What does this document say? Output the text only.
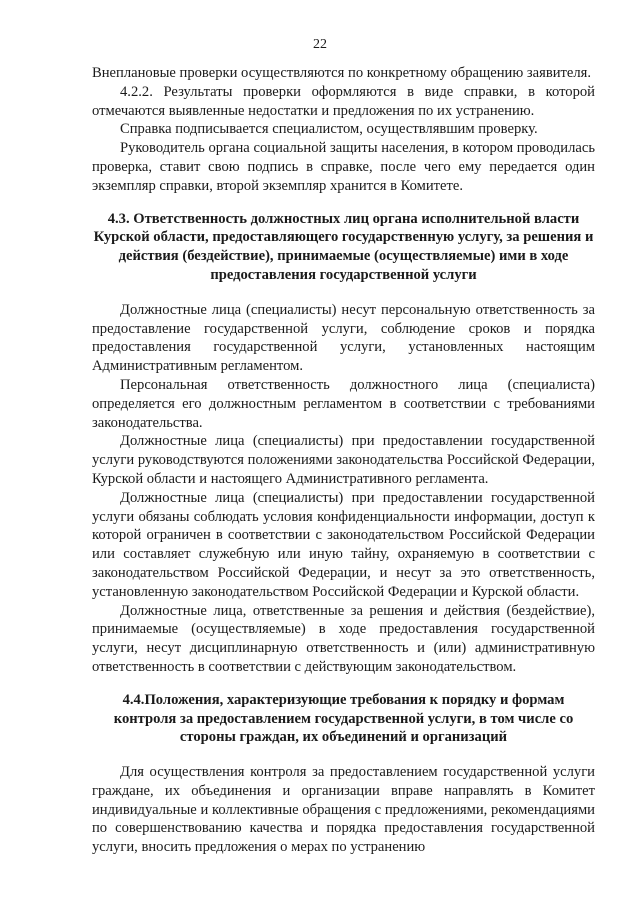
22

Внеплановые проверки осуществляются по конкретному обращению заявителя.

4.2.2. Результаты проверки оформляются в виде справки, в которой отмечаются выявленные недостатки и предложения по их устранению.

Справка подписывается специалистом, осуществлявшим проверку.

Руководитель органа социальной защиты населения, в котором проводилась проверка, ставит свою подпись в справке, после чего ему передается один экземпляр справки, второй экземпляр хранится в Комитете.

4.3. Ответственность должностных лиц органа исполнительной власти Курской области, предоставляющего государственную услугу, за решения и действия (бездействие), принимаемые (осуществляемые) ими в ходе предоставления государственной услуги

Должностные лица (специалисты) несут персональную ответственность за предоставление государственной услуги, соблюдение сроков и порядка предоставления государственной услуги, установленных настоящим Административным регламентом.

Персональная ответственность должностного лица (специалиста) определяется его должностным регламентом в соответствии с требованиями законодательства.

Должностные лица (специалисты) при предоставлении государственной услуги руководствуются положениями законодательства Российской Федерации, Курской области и настоящего Административного регламента.

Должностные лица (специалисты) при предоставлении государственной услуги обязаны соблюдать условия конфиденциальности информации, доступ к которой ограничен в соответствии с законодательством Российской Федерации или составляет служебную или иную тайну, охраняемую в соответствии с законодательством Российской Федерации, и несут за это ответственность, установленную законодательством Российской Федерации и Курской области.

Должностные лица, ответственные за решения и действия (бездействие), принимаемые (осуществляемые) в ходе предоставления государственной услуги, несут дисциплинарную ответственность и (или) административную ответственность в соответствии с действующим законодательством.

4.4.Положения, характеризующие требования к порядку и формам контроля за предоставлением государственной услуги, в том числе со стороны граждан, их объединений и организаций

Для осуществления контроля за предоставлением государственной услуги граждане, их объединения и организации вправе направлять в Комитет индивидуальные и коллективные обращения с предложениями, рекомендациями по совершенствованию качества и порядка предоставления государственной услуги, вносить предложения о мерах по устранению
